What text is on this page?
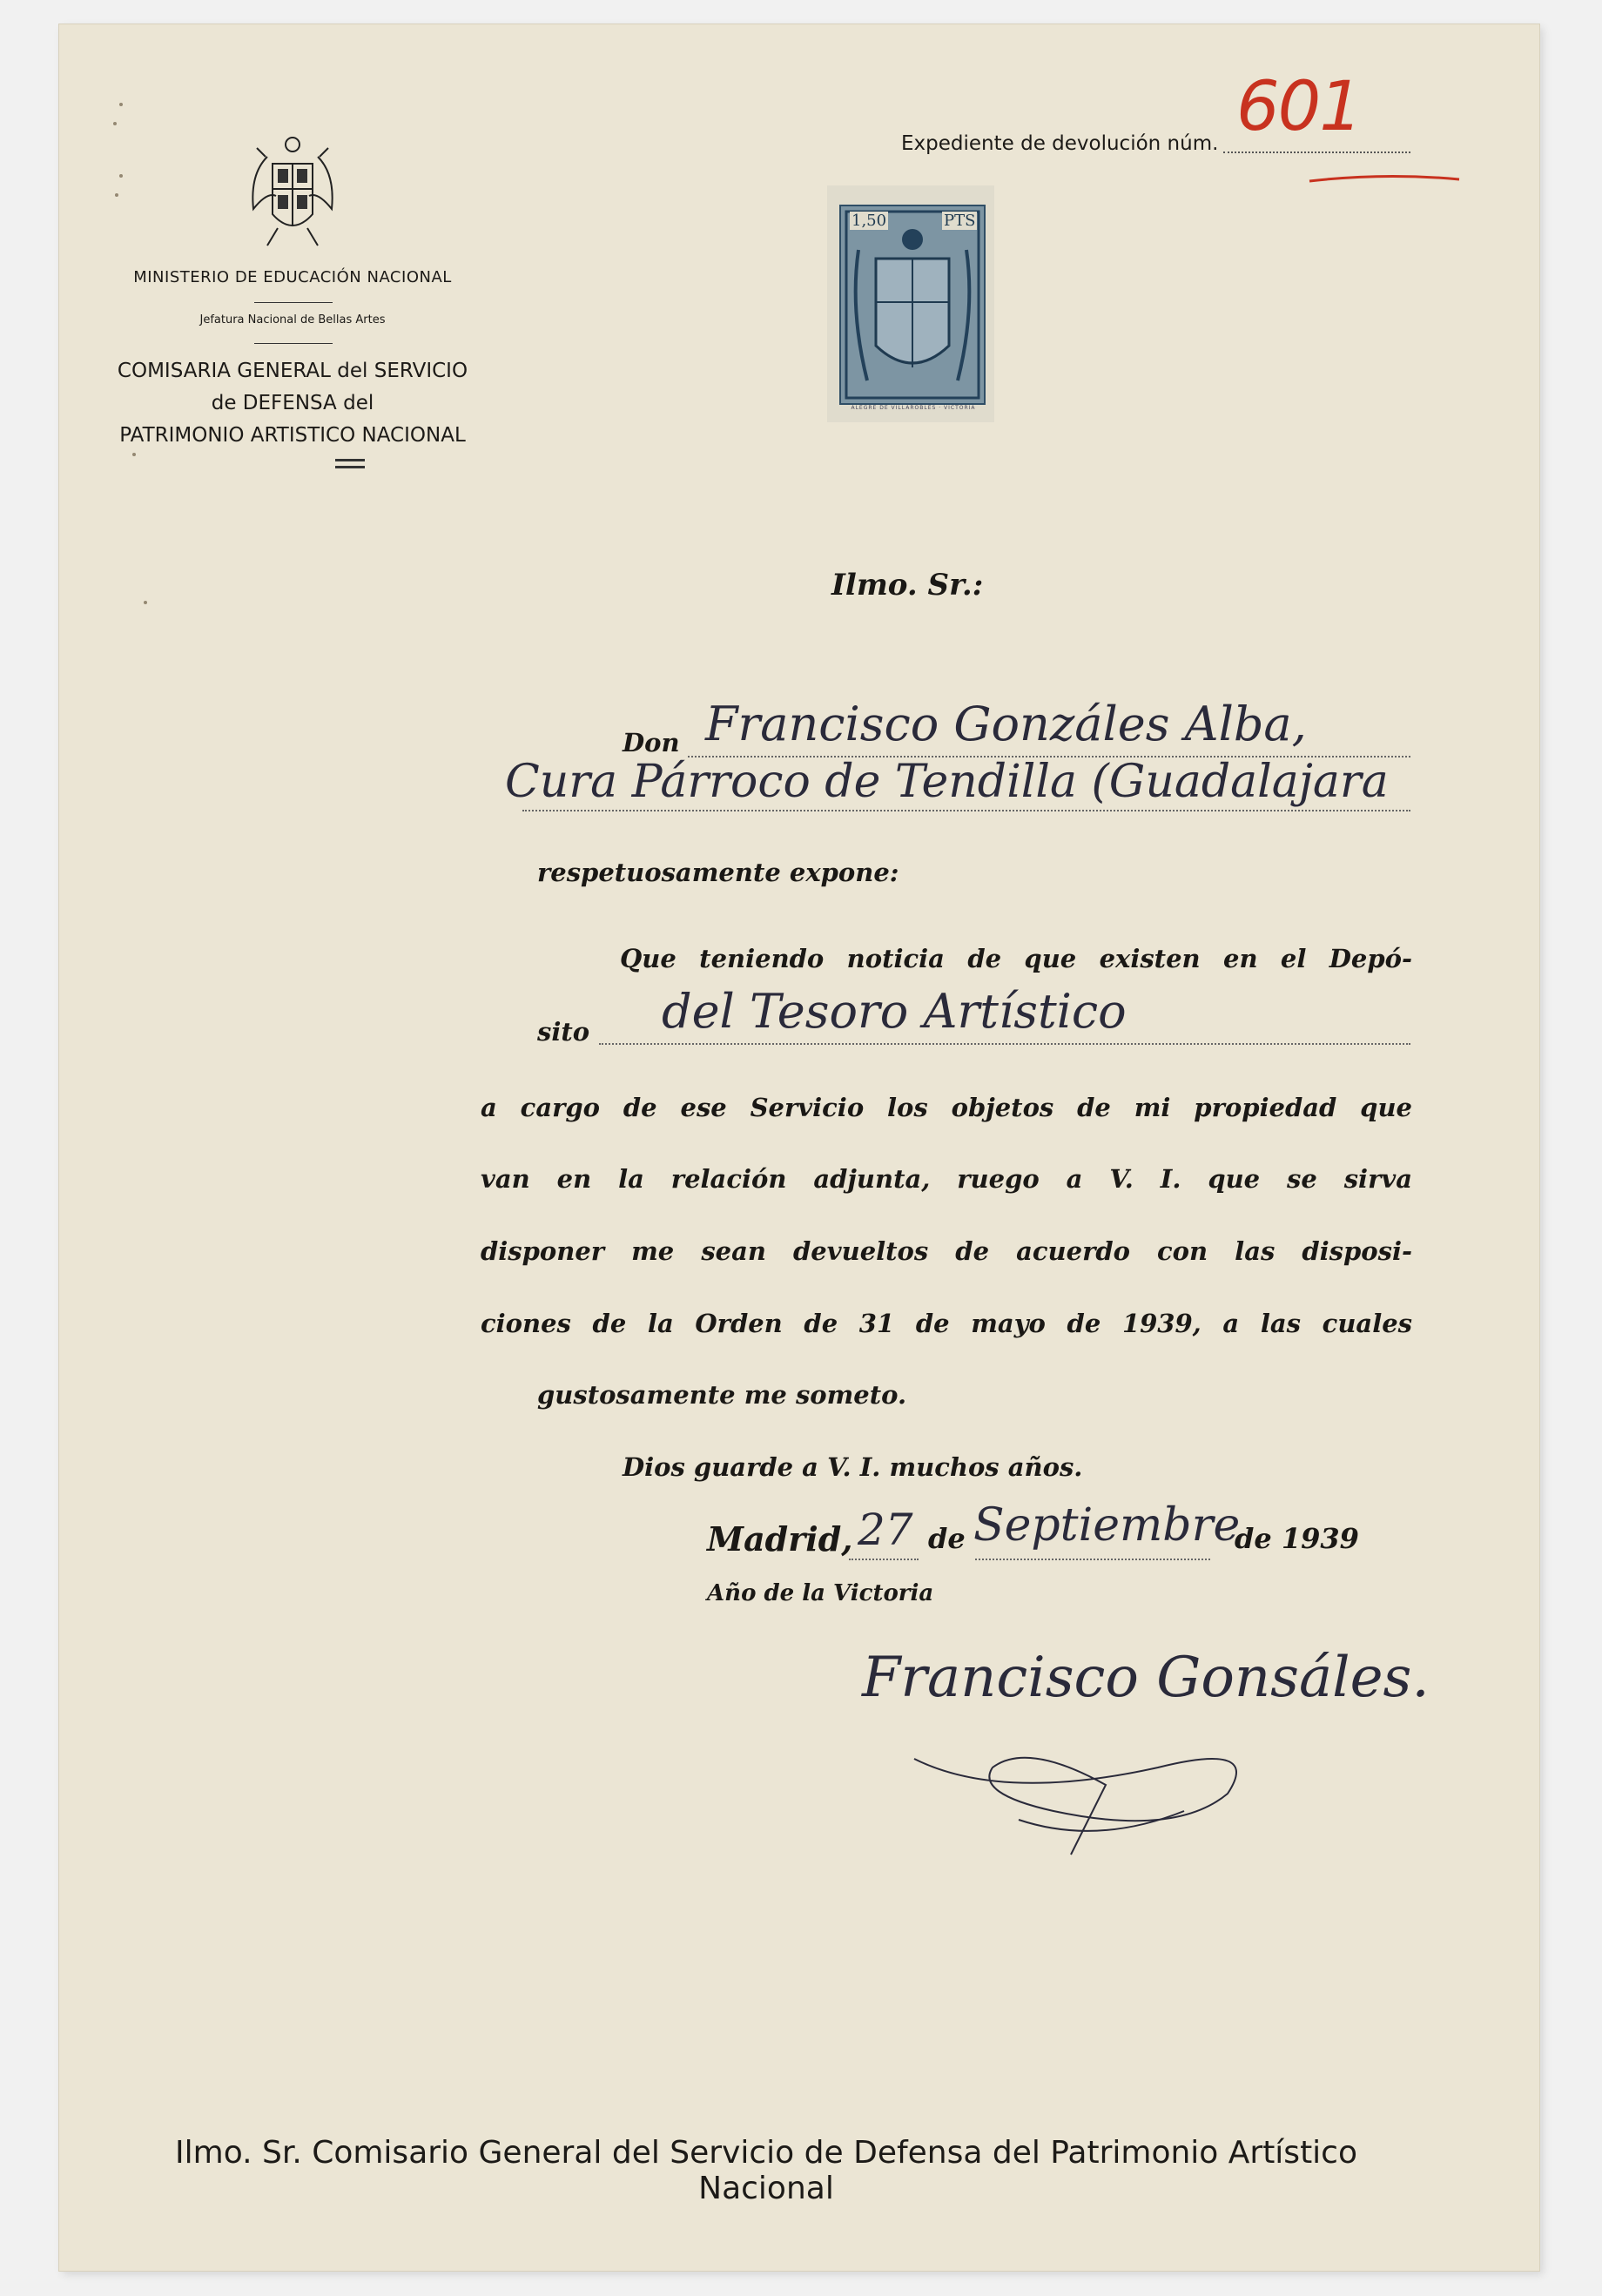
MINISTERIO DE EDUCACIÓN NACIONAL
Jefatura Nacional de Bellas Artes
COMISARIA GENERAL del SERVICIO
de DEFENSA del
PATRIMONIO ARTISTICO NACIONAL
Expediente de devolución núm. 601
1,50	PTS
ALEGRE DE VILLAROBLES · VICTORIA
Ilmo. Sr.:
Don Francisco Gonzáles Alba,
Cura Párroco de Tendilla (Guadalajara
respetuosamente expone:
Que teniendo noticia de que existen en el Depó-
sito del Tesoro Artístico
a cargo de ese Servicio los objetos de mi propiedad que
van en la relación adjunta, ruego a V. I. que se sirva
disponer me sean devueltos de acuerdo con las disposi-
ciones de la Orden de 31 de mayo de 1939, a las cuales
gustosamente me someto.
Dios guarde a V. I. muchos años.
Madrid, 27 de Septiembre
de 1939
Año de la Victoria
Francisco Gonsáles.
Ilmo. Sr. Comisario General del Servicio de Defensa del Patrimonio Artístico Nacional
